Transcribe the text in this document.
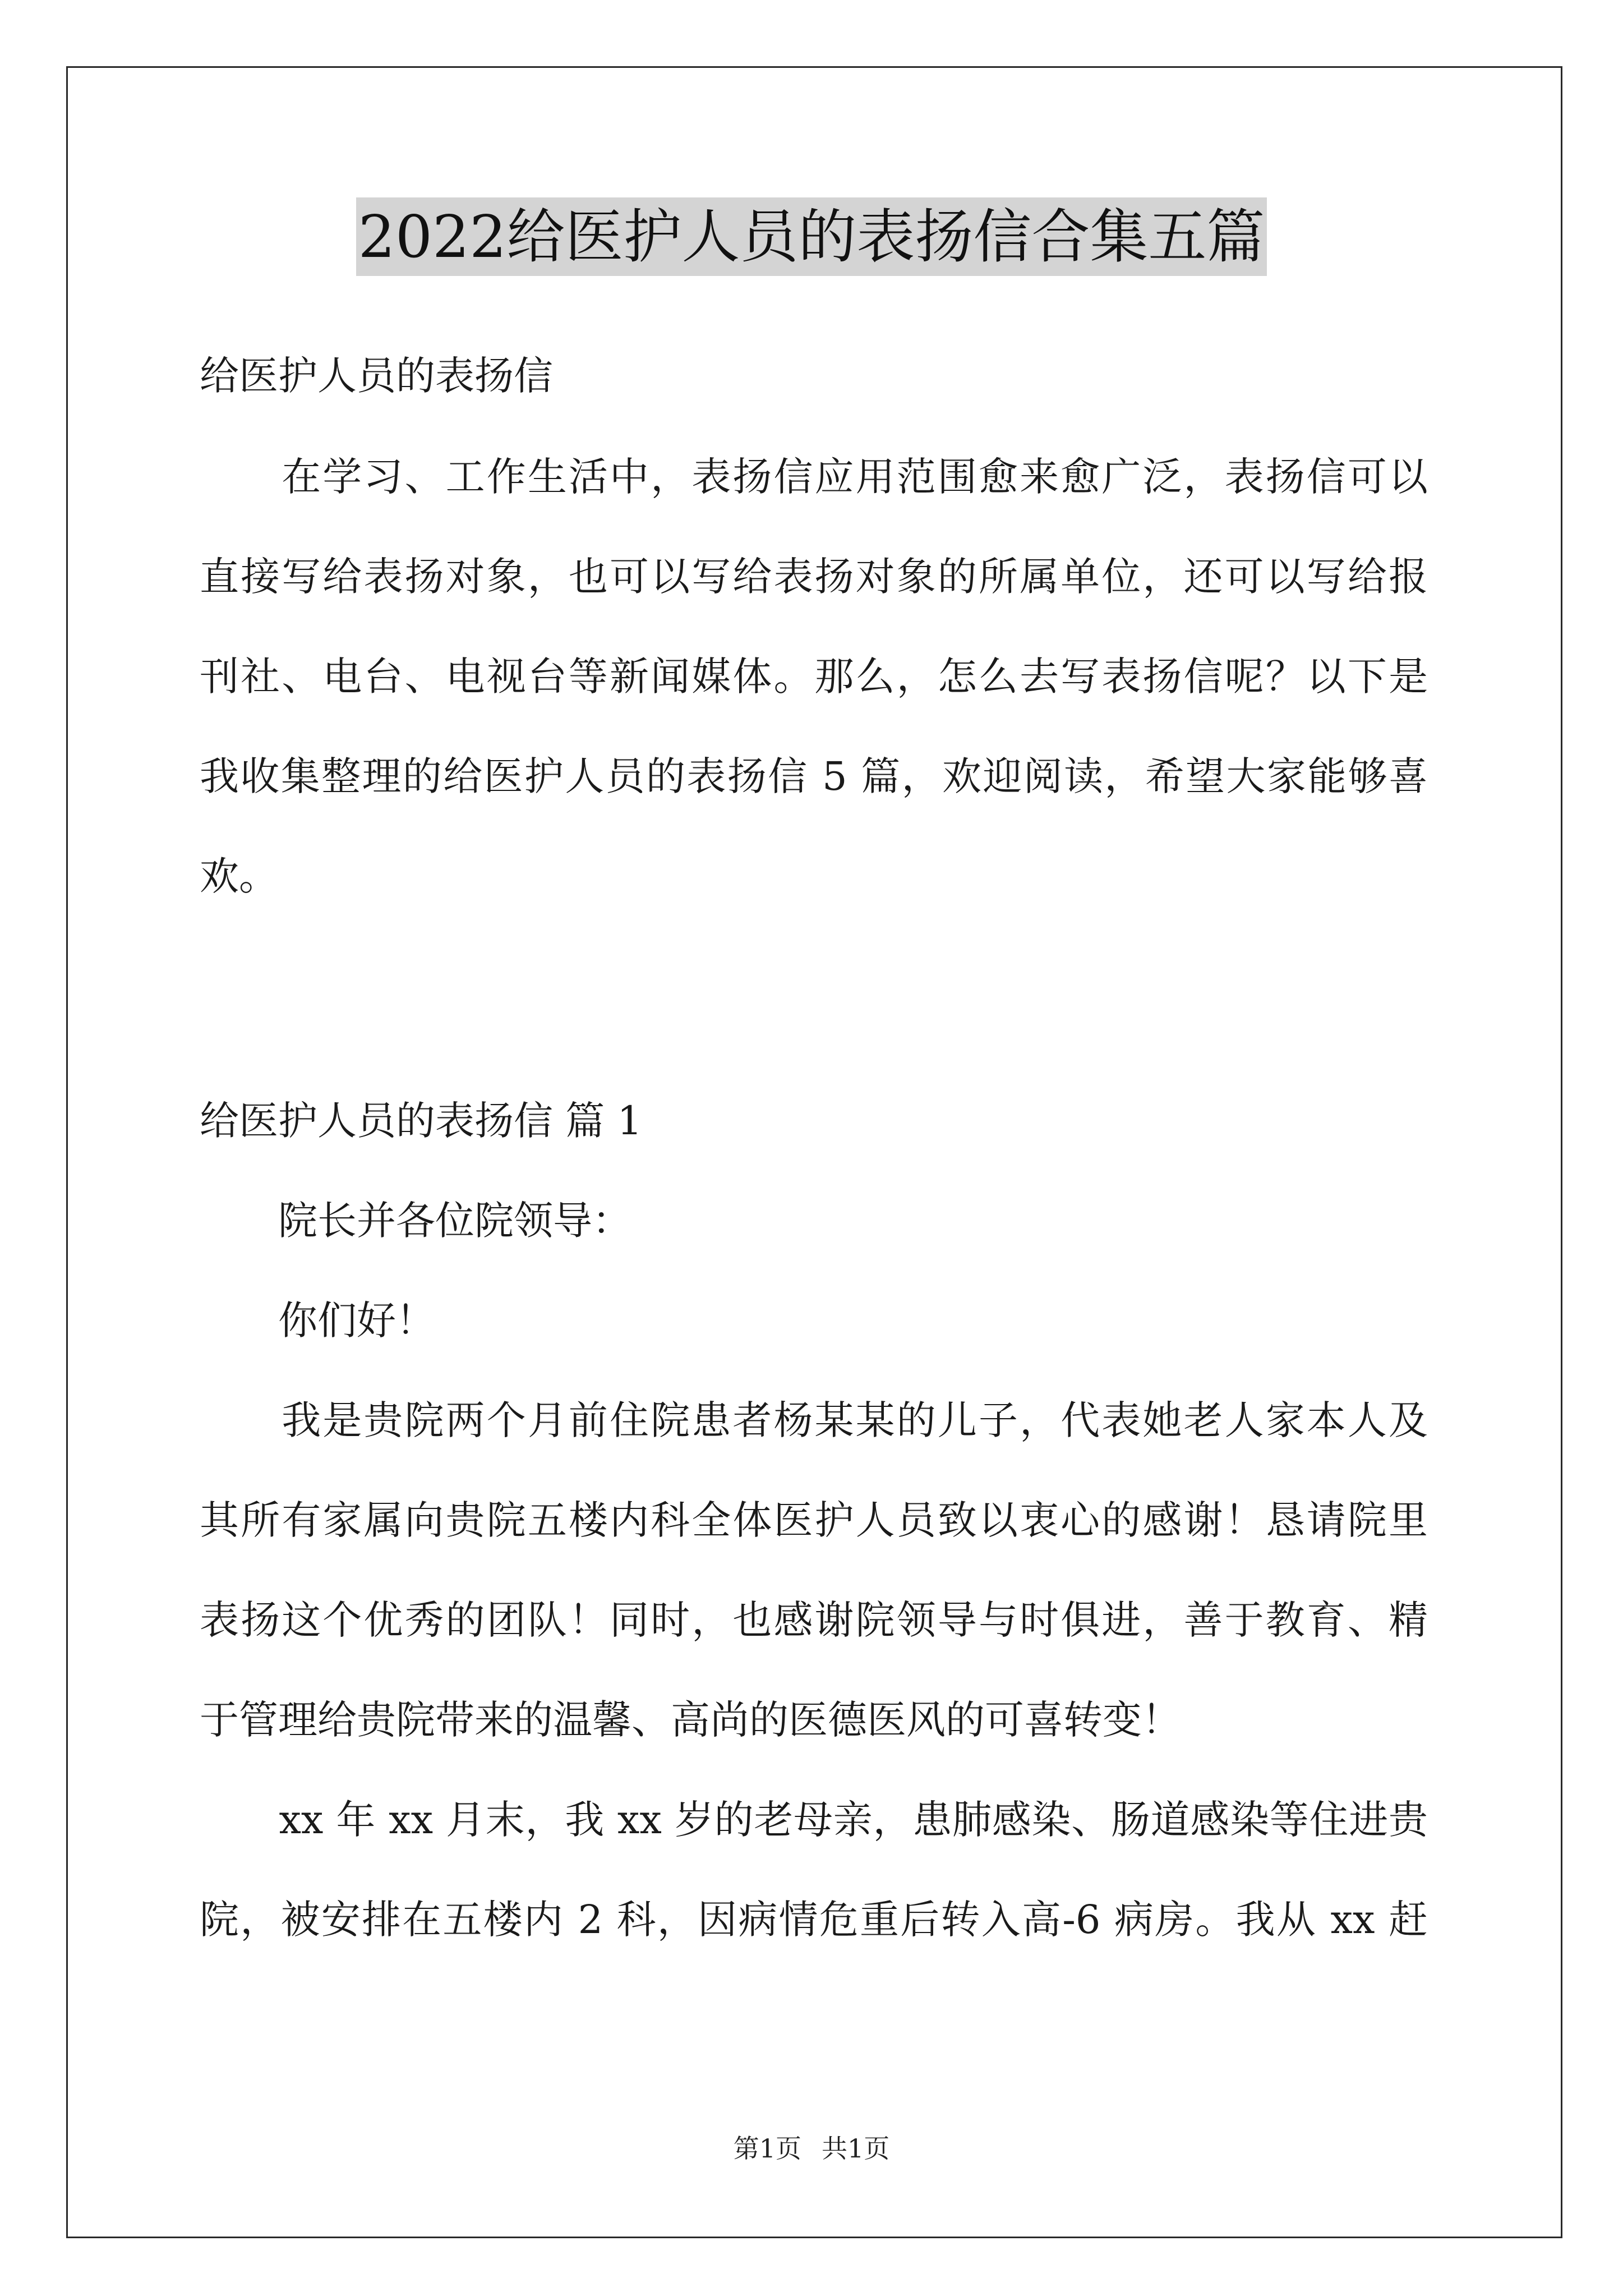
2022给医护人员的表扬信合集五篇
给医护人员的表扬信
　　在学习、工作生活中，表扬信应用范围愈来愈广泛，表扬信可以
直接写给表扬对象，也可以写给表扬对象的所属单位，还可以写给报
刊社、电台、电视台等新闻媒体。那么，怎么去写表扬信呢？以下是
我收集整理的给医护人员的表扬信 5 篇，欢迎阅读，希望大家能够喜
欢。
给医护人员的表扬信 篇 1
　　院长并各位院领导：
　　你们好！
　　我是贵院两个月前住院患者杨某某的儿子，代表她老人家本人及
其所有家属向贵院五楼内科全体医护人员致以衷心的感谢！恳请院里
表扬这个优秀的团队！同时，也感谢院领导与时俱进，善于教育、精
于管理给贵院带来的温馨、高尚的医德医风的可喜转变！
　　xx 年 xx 月末，我 xx 岁的老母亲，患肺感染、肠道感染等住进贵
院，被安排在五楼内 2 科，因病情危重后转入高-6 病房。我从 xx 赶
第1页 共1页
